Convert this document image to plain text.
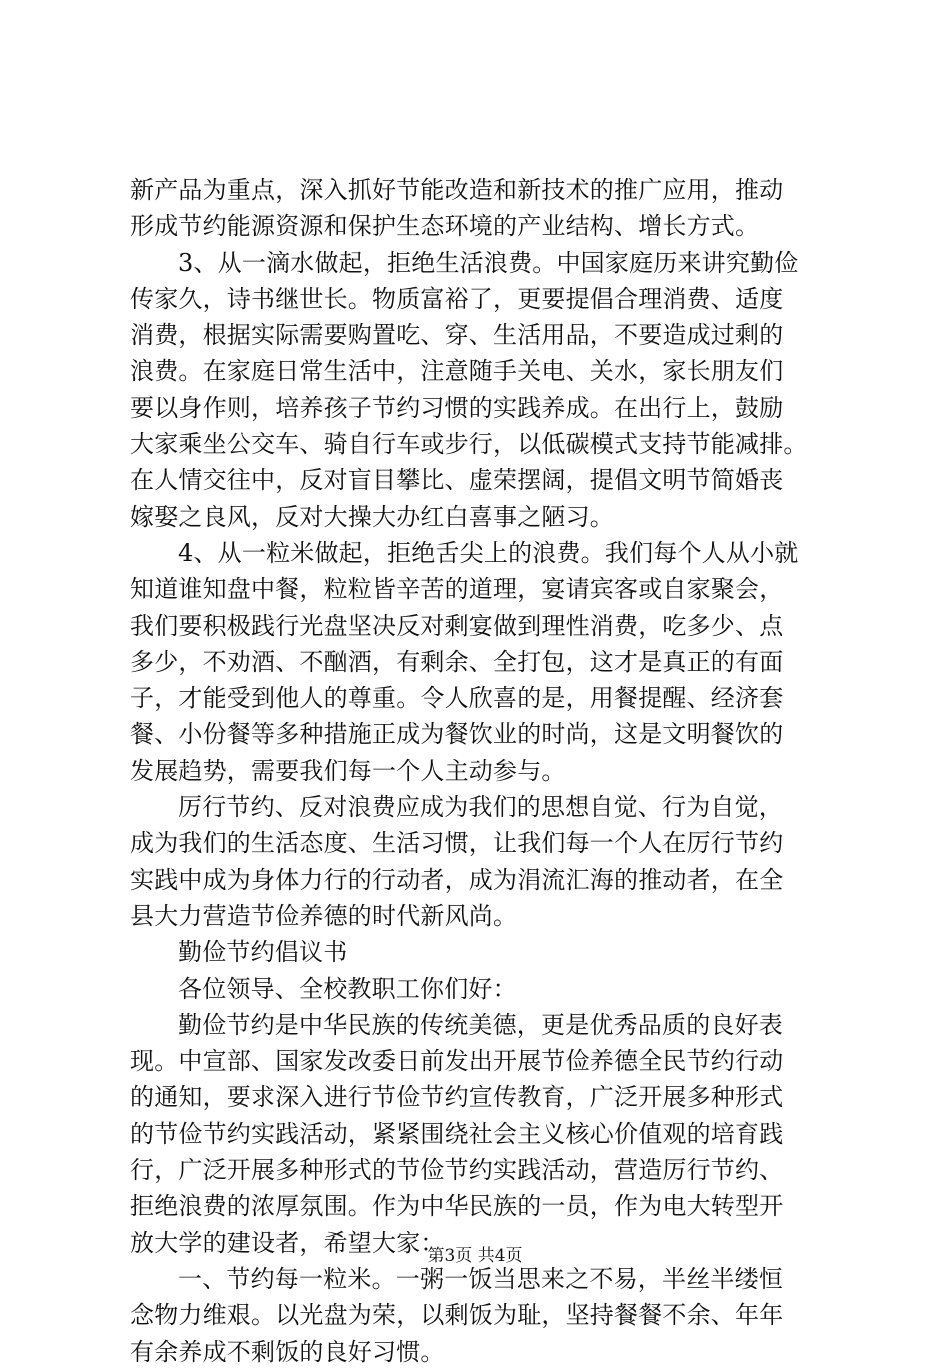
新产品为重点，深入抓好节能改造和新技术的推广应用，推动
形成节约能源资源和保护生态环境的产业结构、增长方式。
3、从一滴水做起，拒绝生活浪费。中国家庭历来讲究勤俭
传家久，诗书继世长。物质富裕了，更要提倡合理消费、适度
消费，根据实际需要购置吃、穿、生活用品，不要造成过剩的
浪费。在家庭日常生活中，注意随手关电、关水，家长朋友们
要以身作则，培养孩子节约习惯的实践养成。在出行上，鼓励
大家乘坐公交车、骑自行车或步行，以低碳模式支持节能减排。
在人情交往中，反对盲目攀比、虚荣摆阔，提倡文明节简婚丧
嫁娶之良风，反对大操大办红白喜事之陋习。
4、从一粒米做起，拒绝舌尖上的浪费。我们每个人从小就
知道谁知盘中餐，粒粒皆辛苦的道理，宴请宾客或自家聚会，
我们要积极践行光盘坚决反对剩宴做到理性消费，吃多少、点
多少，不劝酒、不酗酒，有剩余、全打包，这才是真正的有面
子，才能受到他人的尊重。令人欣喜的是，用餐提醒、经济套
餐、小份餐等多种措施正成为餐饮业的时尚，这是文明餐饮的
发展趋势，需要我们每一个人主动参与。
厉行节约、反对浪费应成为我们的思想自觉、行为自觉，
成为我们的生活态度、生活习惯，让我们每一个人在厉行节约
实践中成为身体力行的行动者，成为涓流汇海的推动者，在全
县大力营造节俭养德的时代新风尚。
勤俭节约倡议书
各位领导、全校教职工你们好：
勤俭节约是中华民族的传统美德，更是优秀品质的良好表
现。中宣部、国家发改委日前发出开展节俭养德全民节约行动
的通知，要求深入进行节俭节约宣传教育，广泛开展多种形式
的节俭节约实践活动，紧紧围绕社会主义核心价值观的培育践
行，广泛开展多种形式的节俭节约实践活动，营造厉行节约、
拒绝浪费的浓厚氛围。作为中华民族的一员，作为电大转型开
放大学的建设者，希望大家：
一、节约每一粒米。一粥一饭当思来之不易，半丝半缕恒
念物力维艰。以光盘为荣，以剩饭为耻，坚持餐餐不余、年年
有余养成不剩饭的良好习惯。
第3页 共4页
